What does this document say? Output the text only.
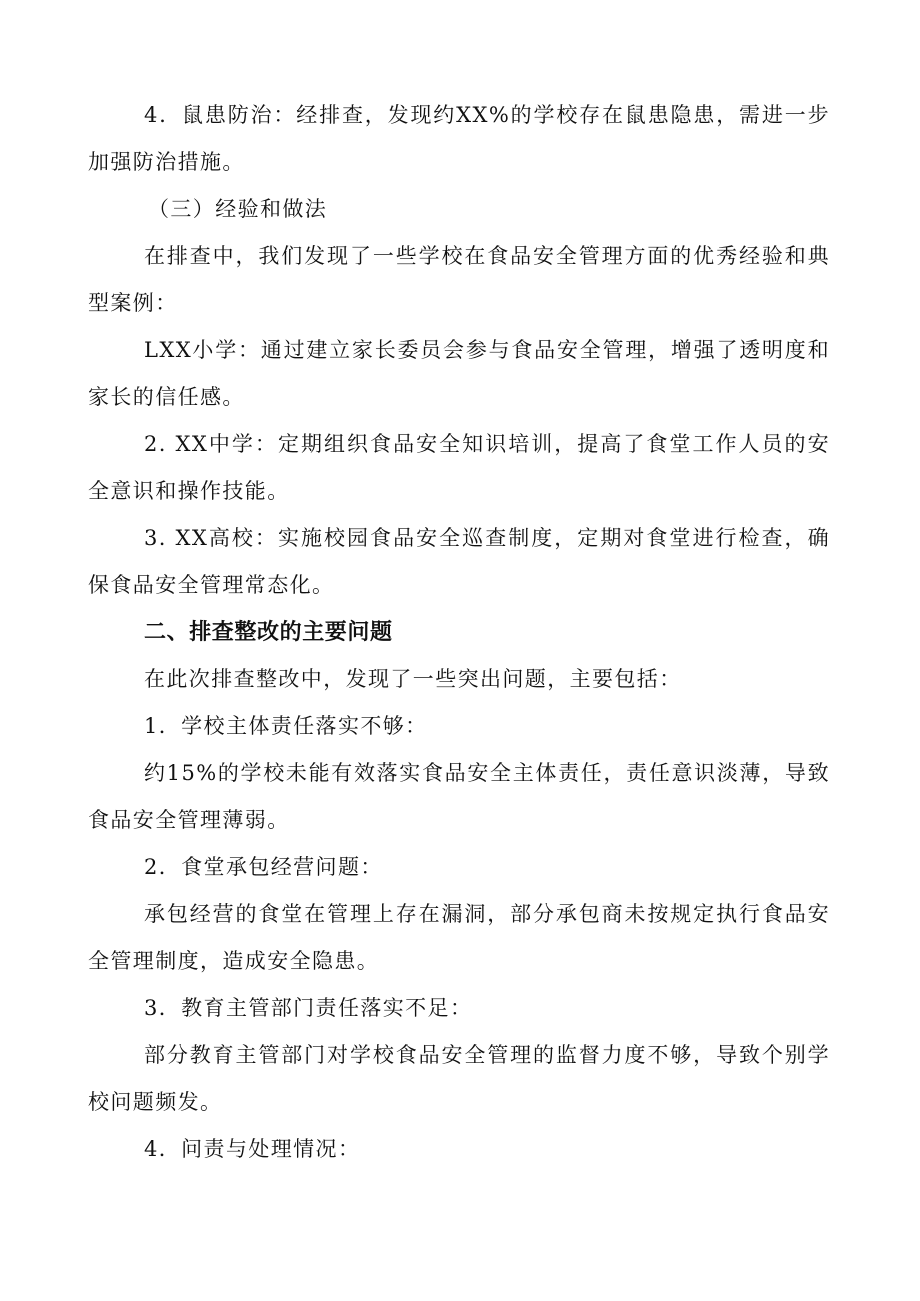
4．鼠患防治：经排查，发现约XX%的学校存在鼠患隐患，需进一步加强防治措施。

（三）经验和做法

在排查中，我们发现了一些学校在食品安全管理方面的优秀经验和典型案例：

LXX小学：通过建立家长委员会参与食品安全管理，增强了透明度和家长的信任感。

2. XX中学：定期组织食品安全知识培训，提高了食堂工作人员的安全意识和操作技能。

3. XX高校：实施校园食品安全巡查制度，定期对食堂进行检查，确保食品安全管理常态化。

二、排查整改的主要问题

在此次排查整改中，发现了一些突出问题，主要包括：

1．学校主体责任落实不够：

约15%的学校未能有效落实食品安全主体责任，责任意识淡薄，导致食品安全管理薄弱。

2．食堂承包经营问题：

承包经营的食堂在管理上存在漏洞，部分承包商未按规定执行食品安全管理制度，造成安全隐患。

3．教育主管部门责任落实不足：

部分教育主管部门对学校食品安全管理的监督力度不够，导致个别学校问题频发。

4．问责与处理情况：
